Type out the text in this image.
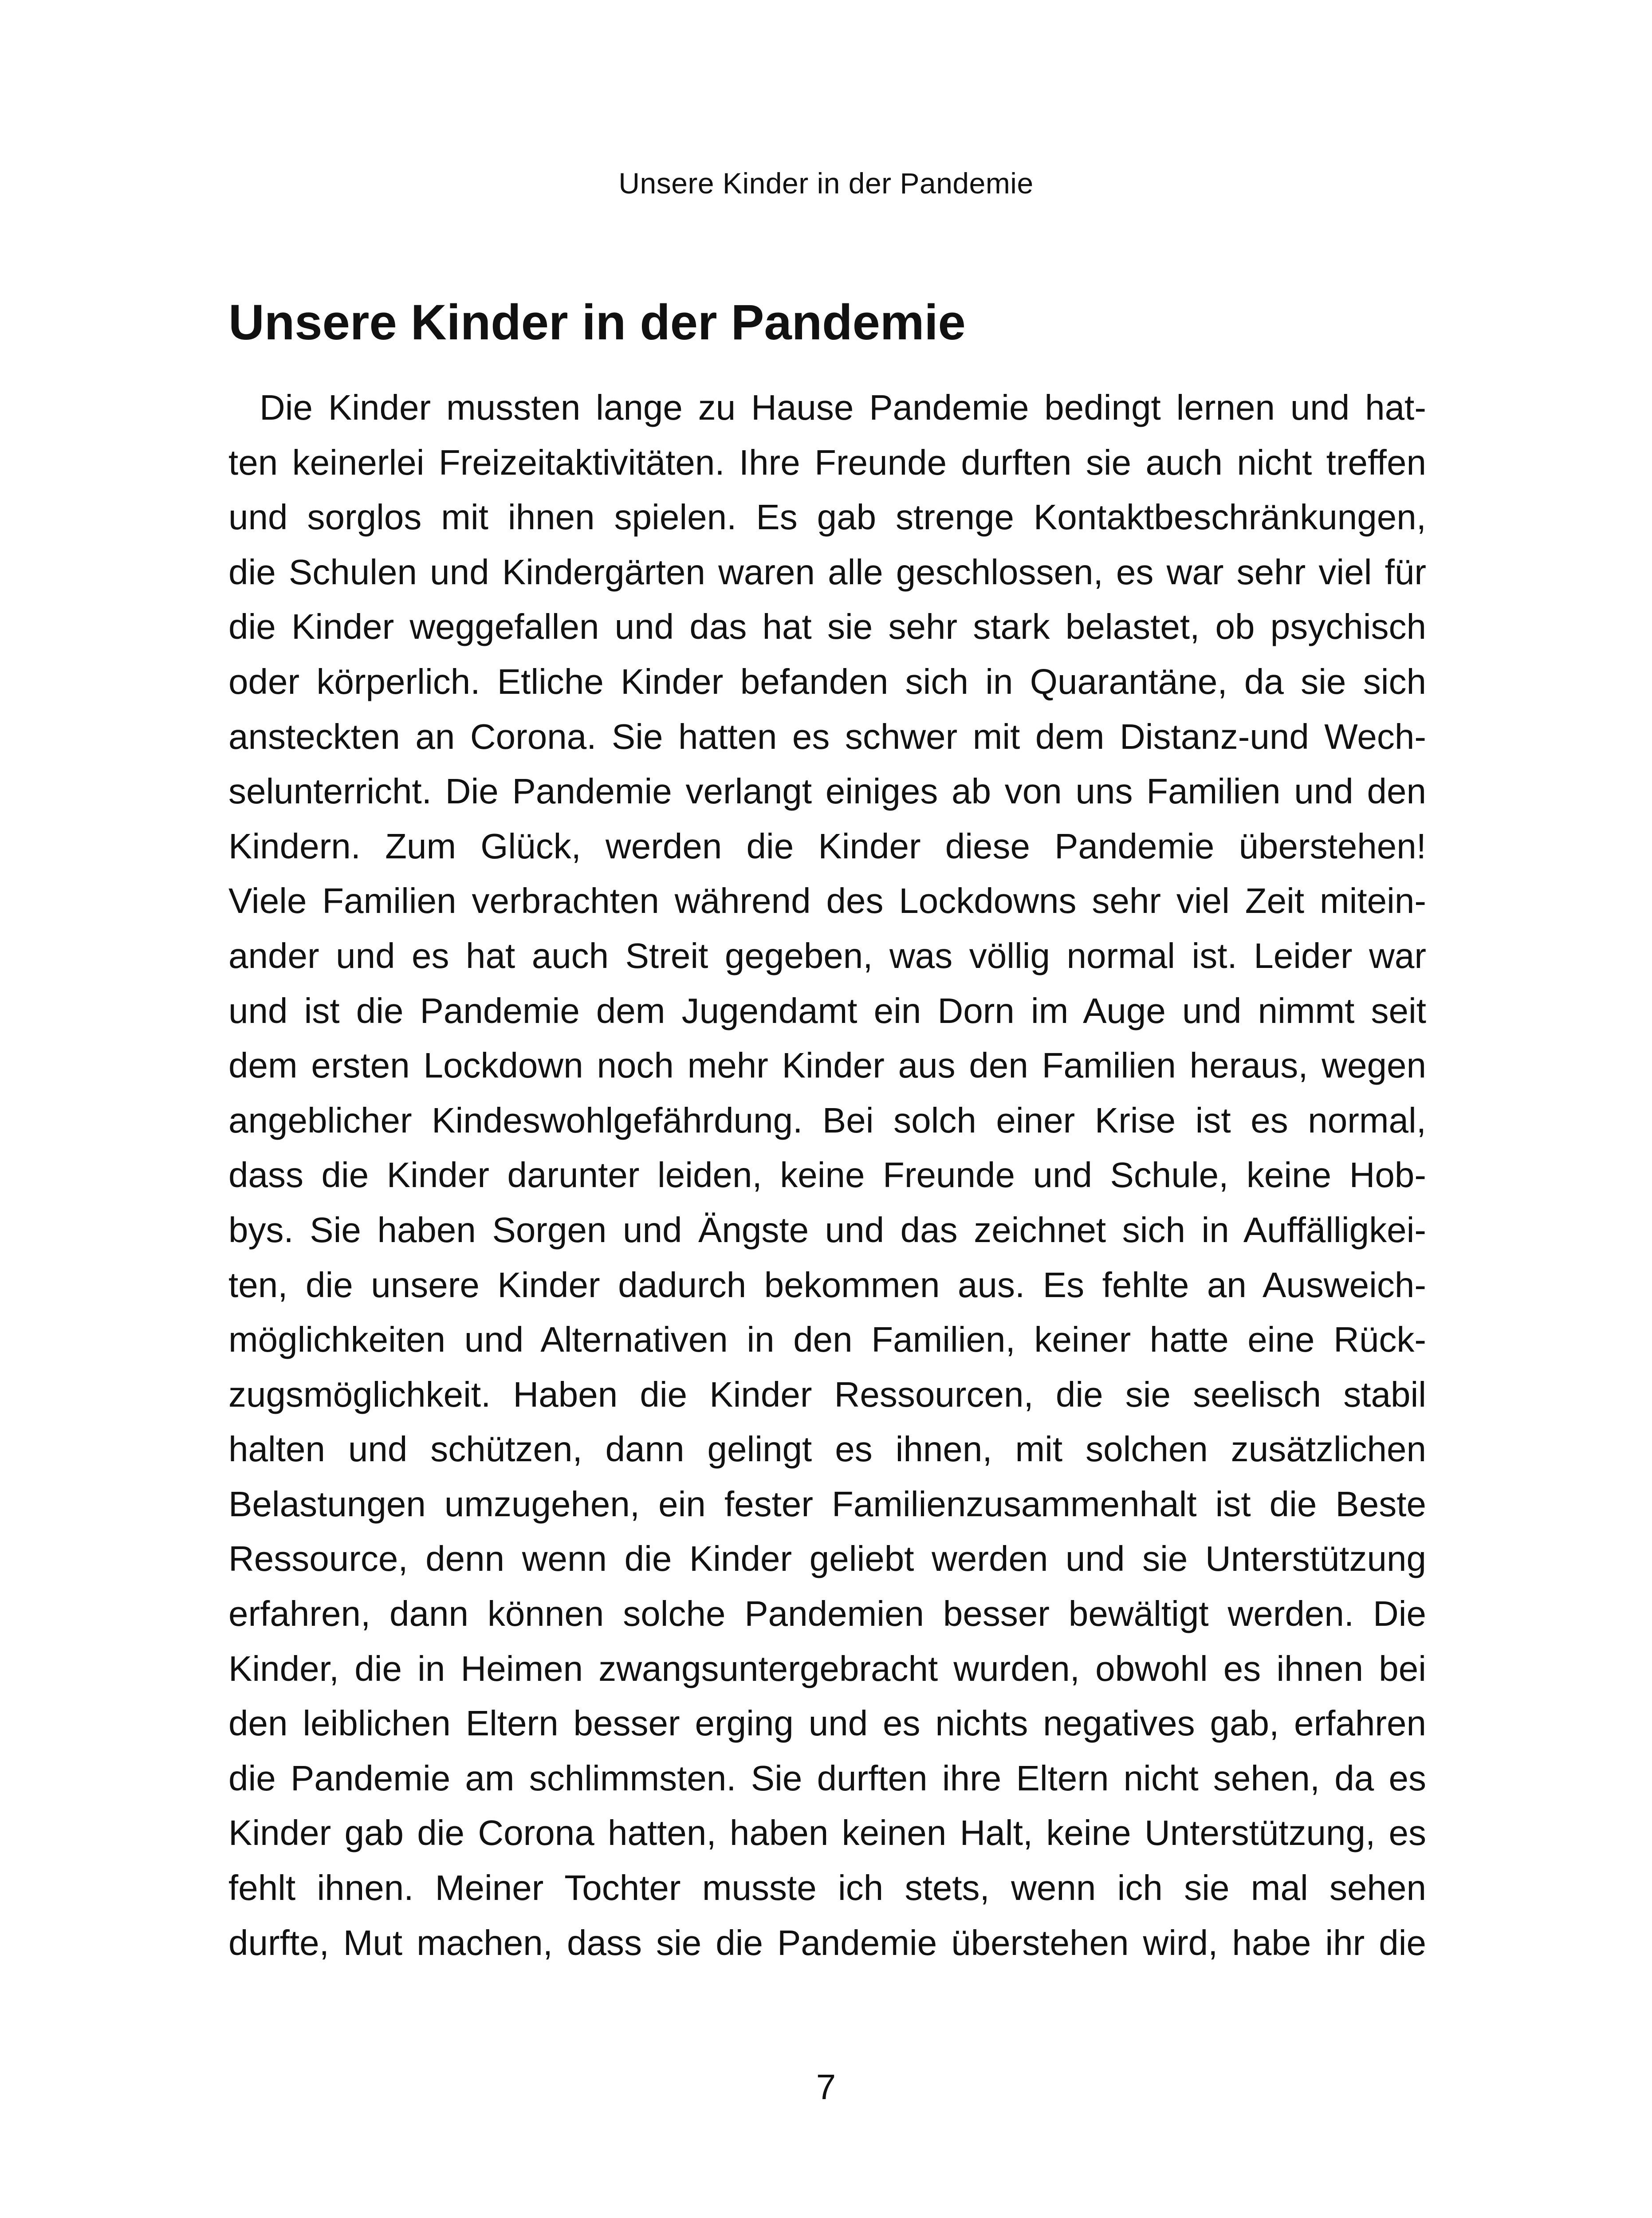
Unsere Kinder in der Pandemie
Unsere Kinder in der Pandemie
Die Kinder mussten lange zu Hause Pandemie bedingt lernen und hat-
ten keinerlei Freizeitaktivitäten. Ihre Freunde durften sie auch nicht treffen
und sorglos mit ihnen spielen. Es gab strenge Kontaktbeschränkungen,
die Schulen und Kindergärten waren alle geschlossen, es war sehr viel für
die Kinder weggefallen und das hat sie sehr stark belastet, ob psychisch
oder körperlich. Etliche Kinder befanden sich in Quarantäne, da sie sich
ansteckten an Corona. Sie hatten es schwer mit dem Distanz-und Wech-
selunterricht. Die Pandemie verlangt einiges ab von uns Familien und den
Kindern. Zum Glück, werden die Kinder diese Pandemie überstehen!
Viele Familien verbrachten während des Lockdowns sehr viel Zeit mitein-
ander und es hat auch Streit gegeben, was völlig normal ist. Leider war
und ist die Pandemie dem Jugendamt ein Dorn im Auge und nimmt seit
dem ersten Lockdown noch mehr Kinder aus den Familien heraus, wegen
angeblicher Kindeswohlgefährdung. Bei solch einer Krise ist es normal,
dass die Kinder darunter leiden, keine Freunde und Schule, keine Hob-
bys. Sie haben Sorgen und Ängste und das zeichnet sich in Auffälligkei-
ten, die unsere Kinder dadurch bekommen aus. Es fehlte an Ausweich-
möglichkeiten und Alternativen in den Familien, keiner hatte eine Rück-
zugsmöglichkeit. Haben die Kinder Ressourcen, die sie seelisch stabil
halten und schützen, dann gelingt es ihnen, mit solchen zusätzlichen
Belastungen umzugehen, ein fester Familienzusammenhalt ist die Beste
Ressource, denn wenn die Kinder geliebt werden und sie Unterstützung
erfahren, dann können solche Pandemien besser bewältigt werden. Die
Kinder, die in Heimen zwangsuntergebracht wurden, obwohl es ihnen bei
den leiblichen Eltern besser erging und es nichts negatives gab, erfahren
die Pandemie am schlimmsten. Sie durften ihre Eltern nicht sehen, da es
Kinder gab die Corona hatten, haben keinen Halt, keine Unterstützung, es
fehlt ihnen. Meiner Tochter musste ich stets, wenn ich sie mal sehen
durfte, Mut machen, dass sie die Pandemie überstehen wird, habe ihr die
7
